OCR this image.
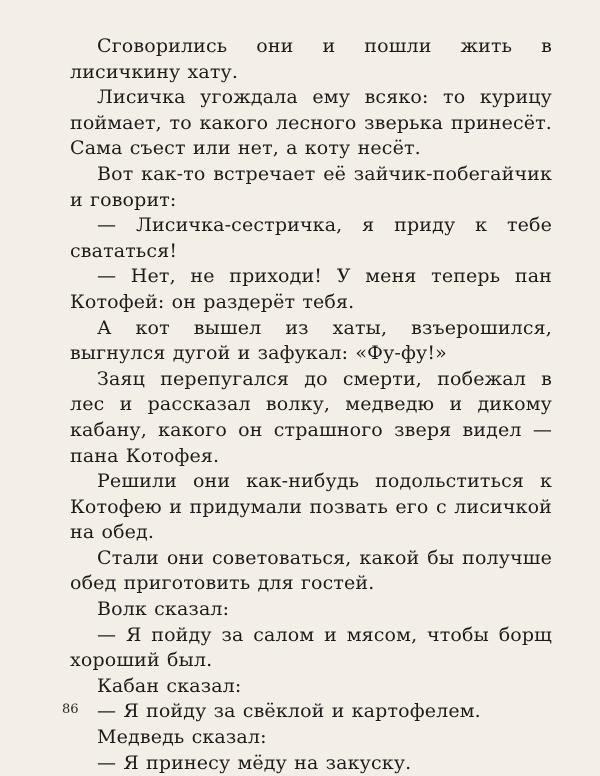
Сговорились они и пошли жить в лисичкину хату.

Лисичка угождала ему всяко: то курицу поймает, то какого лесного зверька принесёт. Сама съест или нет, а коту несёт.

Вот как-то встречает её зайчик-побегайчик и говорит:

— Лисичка-сестричка, я приду к тебе свататься!

— Нет, не приходи! У меня теперь пан Котофей: он раздерёт тебя.

А кот вышел из хаты, взъерошился, выгнулся дугой и зафукал: «Фу-фу!»

Заяц перепугался до смерти, побежал в лес и рассказал волку, медведю и дикому кабану, какого он страшного зверя видел — пана Котофея.

Решили они как-нибудь подольститься к Котофею и придумали позвать его с лисичкой на обед.

Стали они советоваться, какой бы получше обед приготовить для гостей.

Волк сказал:

— Я пойду за салом и мясом, чтобы борщ хороший был.

Кабан сказал:

— Я пойду за свёклой и картофелем.

Медведь сказал:

— Я принесу мёду на закуску.

86
